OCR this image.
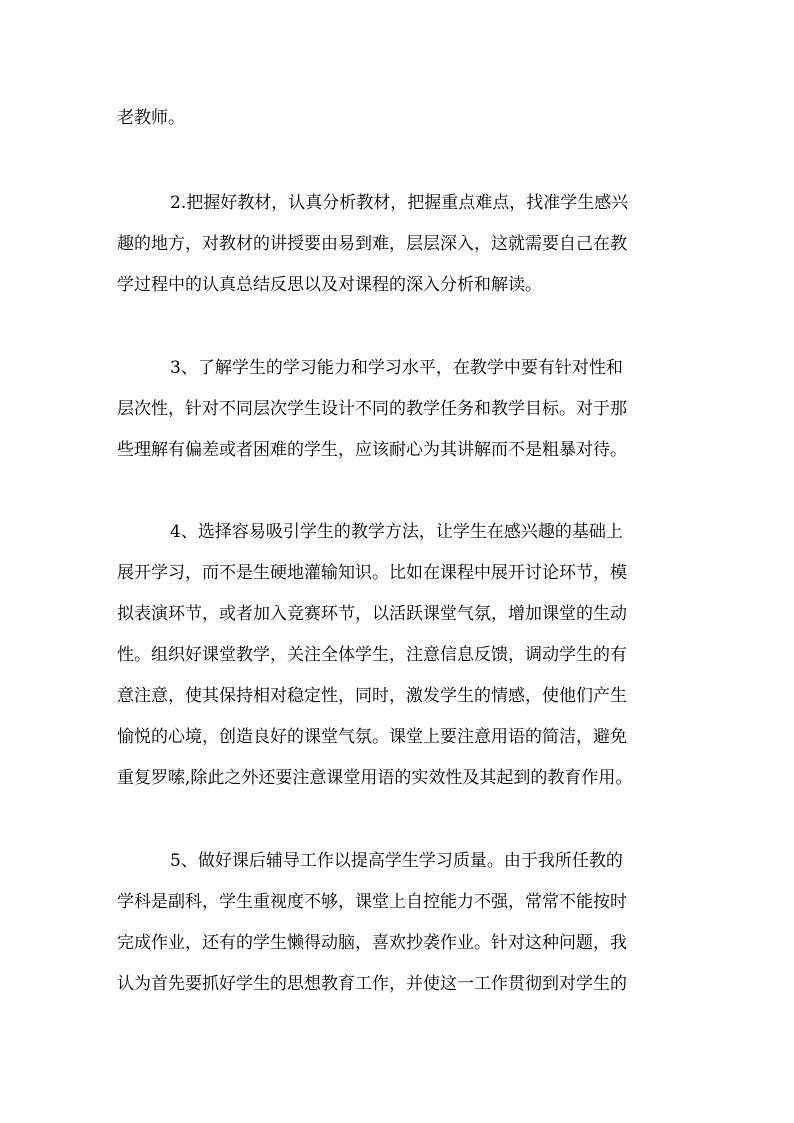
老教师。
2.把握好教材，认真分析教材，把握重点难点，找准学生感兴
趣的地方，对教材的讲授要由易到难，层层深入，这就需要自己在教
学过程中的认真总结反思以及对课程的深入分析和解读。
3、了解学生的学习能力和学习水平，在教学中要有针对性和
层次性，针对不同层次学生设计不同的教学任务和教学目标。对于那
些理解有偏差或者困难的学生，应该耐心为其讲解而不是粗暴对待。
4、选择容易吸引学生的教学方法，让学生在感兴趣的基础上
展开学习，而不是生硬地灌输知识。比如在课程中展开讨论环节，模
拟表演环节，或者加入竞赛环节，以活跃课堂气氛，增加课堂的生动
性。组织好课堂教学，关注全体学生，注意信息反馈，调动学生的有
意注意，使其保持相对稳定性，同时，激发学生的情感，使他们产生
愉悦的心境，创造良好的课堂气氛。课堂上要注意用语的简洁，避免
重复罗嗦,除此之外还要注意课堂用语的实效性及其起到的教育作用。
5、做好课后辅导工作以提高学生学习质量。由于我所任教的
学科是副科，学生重视度不够，课堂上自控能力不强，常常不能按时
完成作业，还有的学生懒得动脑，喜欢抄袭作业。针对这种问题，我
认为首先要抓好学生的思想教育工作，并使这一工作贯彻到对学生的
